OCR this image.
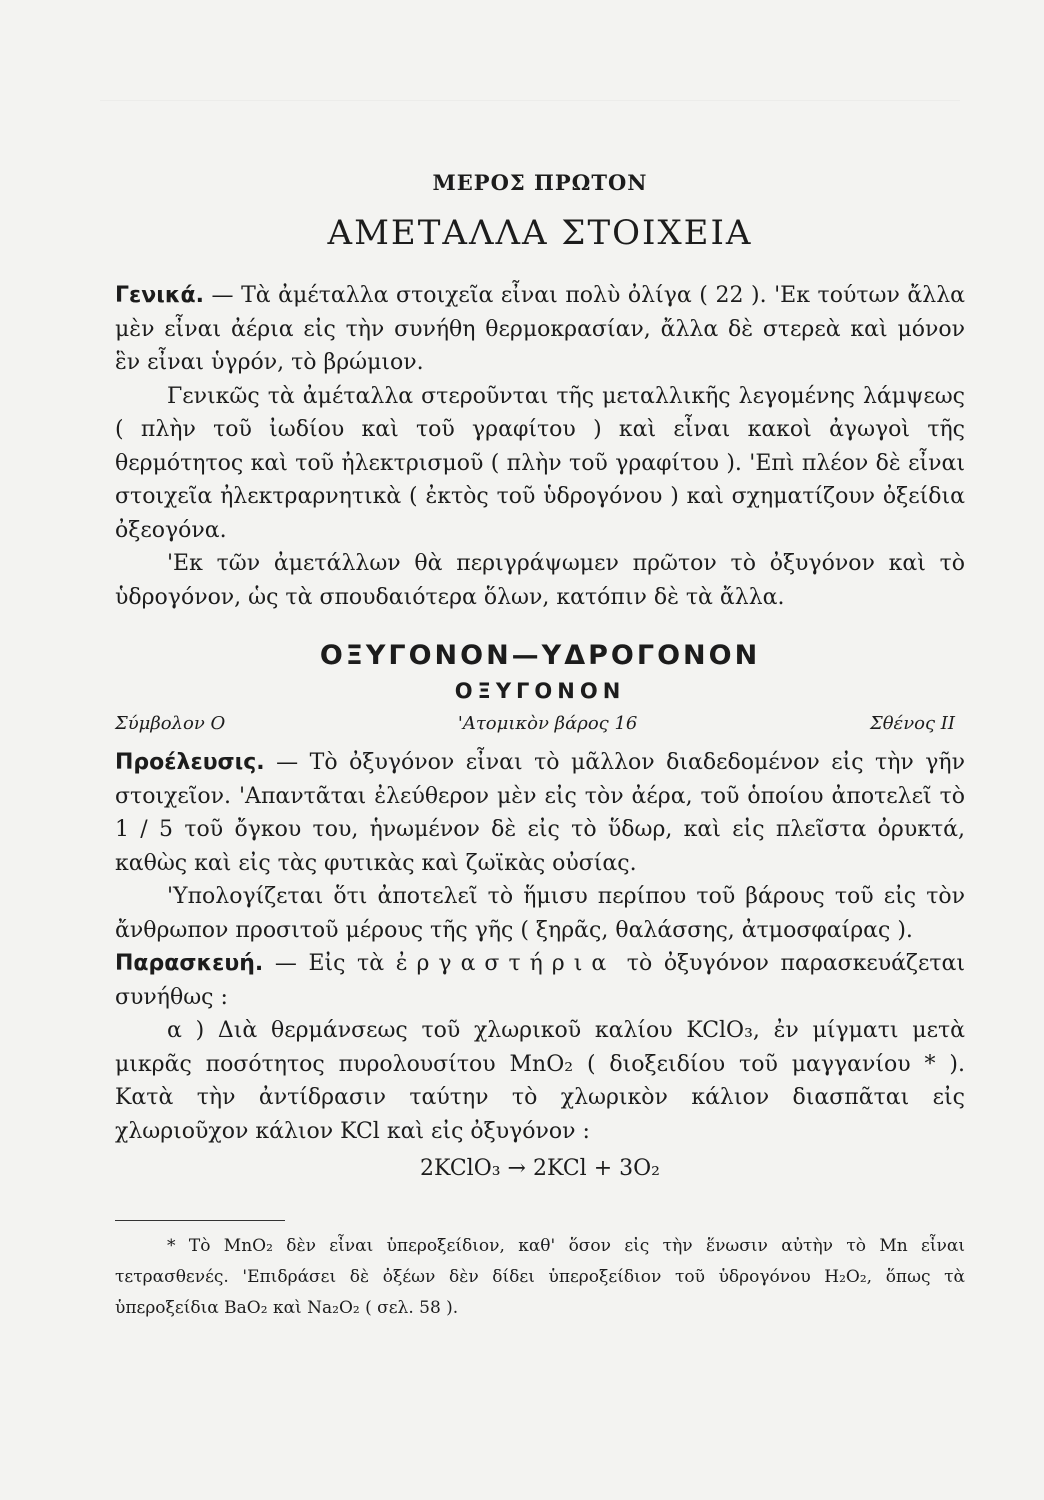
ΜΕΡΟΣ ΠΡΩΤΟΝ
ΑΜΕΤΑΛΛΑ ΣΤΟΙΧΕΙΑ

Γενικά. — Τὰ ἀμέταλλα στοιχεῖα εἶναι πολὺ ὀλίγα ( 22 ). 'Εκ τούτων ἄλλα μὲν εἶναι ἀέρια εἰς τὴν συνήθη θερμοκρασίαν, ἄλλα δὲ στερεὰ καὶ μόνον ἓν εἶναι ὑγρόν, τὸ βρώμιον.

Γενικῶς τὰ ἀμέταλλα στεροῦνται τῆς μεταλλικῆς λεγομένης λάμψεως ( πλὴν τοῦ ἰωδίου καὶ τοῦ γραφίτου ) καὶ εἶναι κακοὶ ἀγωγοὶ τῆς θερμότητος καὶ τοῦ ἠλεκτρισμοῦ ( πλὴν τοῦ γραφίτου ). 'Επὶ πλέον δὲ εἶναι στοιχεῖα ἠλεκτραρνητικὰ ( ἐκτὸς τοῦ ὑδρογόνου ) καὶ σχηματίζουν ὀξείδια ὀξεογόνα.

'Εκ τῶν ἀμετάλλων θὰ περιγράψωμεν πρῶτον τὸ ὀξυγόνον καὶ τὸ ὑδρογόνον, ὡς τὰ σπουδαιότερα ὅλων, κατόπιν δὲ τὰ ἄλλα.

ΟΞΥΓΟΝΟΝ—ΥΔΡΟΓΟΝΟΝ
ΟΞΥΓΟΝΟΝ
Σύμβολον O	'Ατομικὸν βάρος 16	Σθένος II

Προέλευσις. — Τὸ ὀξυγόνον εἶναι τὸ μᾶλλον διαδεδομένον εἰς τὴν γῆν στοιχεῖον. 'Απαντᾶται ἐλεύθερον μὲν εἰς τὸν ἀέρα, τοῦ ὁποίου ἀποτελεῖ τὸ 1 / 5 τοῦ ὄγκου του, ἡνωμένον δὲ εἰς τὸ ὕδωρ, καὶ εἰς πλεῖστα ὀρυκτά, καθὼς καὶ εἰς τὰς φυτικὰς καὶ ζωϊκὰς οὐσίας.

'Υπολογίζεται ὅτι ἀποτελεῖ τὸ ἥμισυ περίπου τοῦ βάρους τοῦ εἰς τὸν ἄνθρωπον προσιτοῦ μέρους τῆς γῆς ( ξηρᾶς, θαλάσσης, ἀτμοσφαίρας ).

Παρασκευή. — Εἰς τὰ ἐργαστήρια τὸ ὀξυγόνον παρασκευάζεται συνήθως :

α ) Διὰ θερμάνσεως τοῦ χλωρικοῦ καλίου KClO₃, ἐν μίγματι μετὰ μικρᾶς ποσότητος πυρολουσίτου MnO₂ ( διοξειδίου τοῦ μαγγανίου * ). Κατὰ τὴν ἀντίδρασιν ταύτην τὸ χλωρικὸν κάλιον διασπᾶται εἰς χλωριοῦχον κάλιον KCl καὶ εἰς ὀξυγόνον :

2KClO₃ → 2KCl + 3O₂

* Τὸ MnO₂ δὲν εἶναι ὑπεροξείδιον, καθ' ὅσον εἰς τὴν ἕνωσιν αὐτὴν τὸ Mn εἶναι τετρασθενές. 'Επιδράσει δὲ ὀξέων δὲν δίδει ὑπεροξείδιον τοῦ ὑδρογόνου H₂O₂, ὅπως τὰ ὑπεροξείδια BaO₂ καὶ Na₂O₂ ( σελ. 58 ).
